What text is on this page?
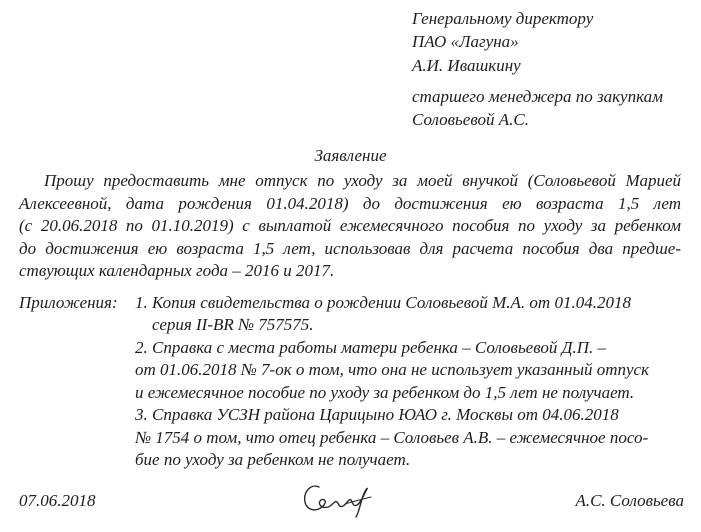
Генеральному директору
ПАО «Лагуна»
А.И. Ивашкину
старшего менеджера по закупкам
Соловьевой А.С.
Заявление
Прошу предоставить мне отпуск по уходу за моей внучкой (Соловьевой Марией
Алексеевной, дата рождения 01.04.2018) до достижения ею возраста 1,5 лет
(с 20.06.2018 по 01.10.2019) с выплатой ежемесячного пособия по уходу за ребенком
до достижения ею возраста 1,5 лет, использовав для расчета пособия два предше-
ствующих календарных года – 2016 и 2017.
Приложения: 1. Копия свидетельства о рождении Соловьевой М.А. от 01.04.2018
серия II-BR № 757575.
2. Справка с места работы матери ребенка – Соловьевой Д.П. –
от 01.06.2018 № 7-ок о том, что она не использует указанный отпуск
и ежемесячное пособие по уходу за ребенком до 1,5 лет не получает.
3. Справка УСЗН района Царицыно ЮАО г. Москвы от 04.06.2018
№ 1754 о том, что отец ребенка – Соловьев А.В. – ежемесячное посо-
бие по уходу за ребенком не получает.
07.06.2018	А.С. Соловьева
